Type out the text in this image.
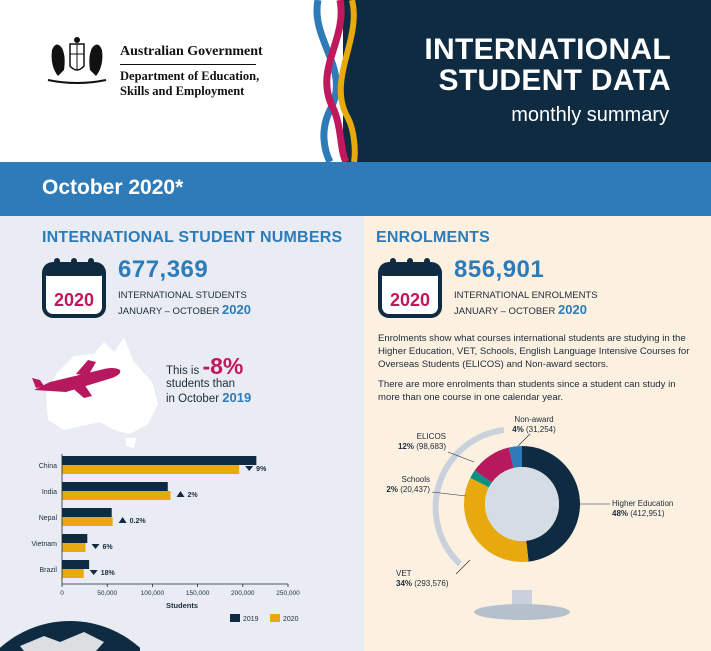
Australian Government
Department of Education,
Skills and Employment
INTERNATIONAL
STUDENT DATA
monthly summary
October 2020*
INTERNATIONAL STUDENT NUMBERS
2020
677,369
INTERNATIONAL STUDENTS
JANUARY – OCTOBER 2020
This is -8%
students than
in October 2019
China	9%
India	2%
Nepal	0.2%
Vietnam	6%
Brazil	18%
0	50,000	100,000	150,000	200,000	250,000
Students
2019	2020
ENROLMENTS
2020
856,901
INTERNATIONAL ENROLMENTS
JANUARY – OCTOBER 2020
Enrolments show what courses international students are studying in the Higher Education, VET, Schools, English Language Intensive Courses for Overseas Students (ELICOS) and Non-award sectors.
There are more enrolments than students since a student can study in more than one course in one calendar year.
Higher Education
48% (412,951)
VET
34% (293,576)
Schools
2% (20,437)
ELICOS
12% (98,683)
Non-award
4% (31,254)
